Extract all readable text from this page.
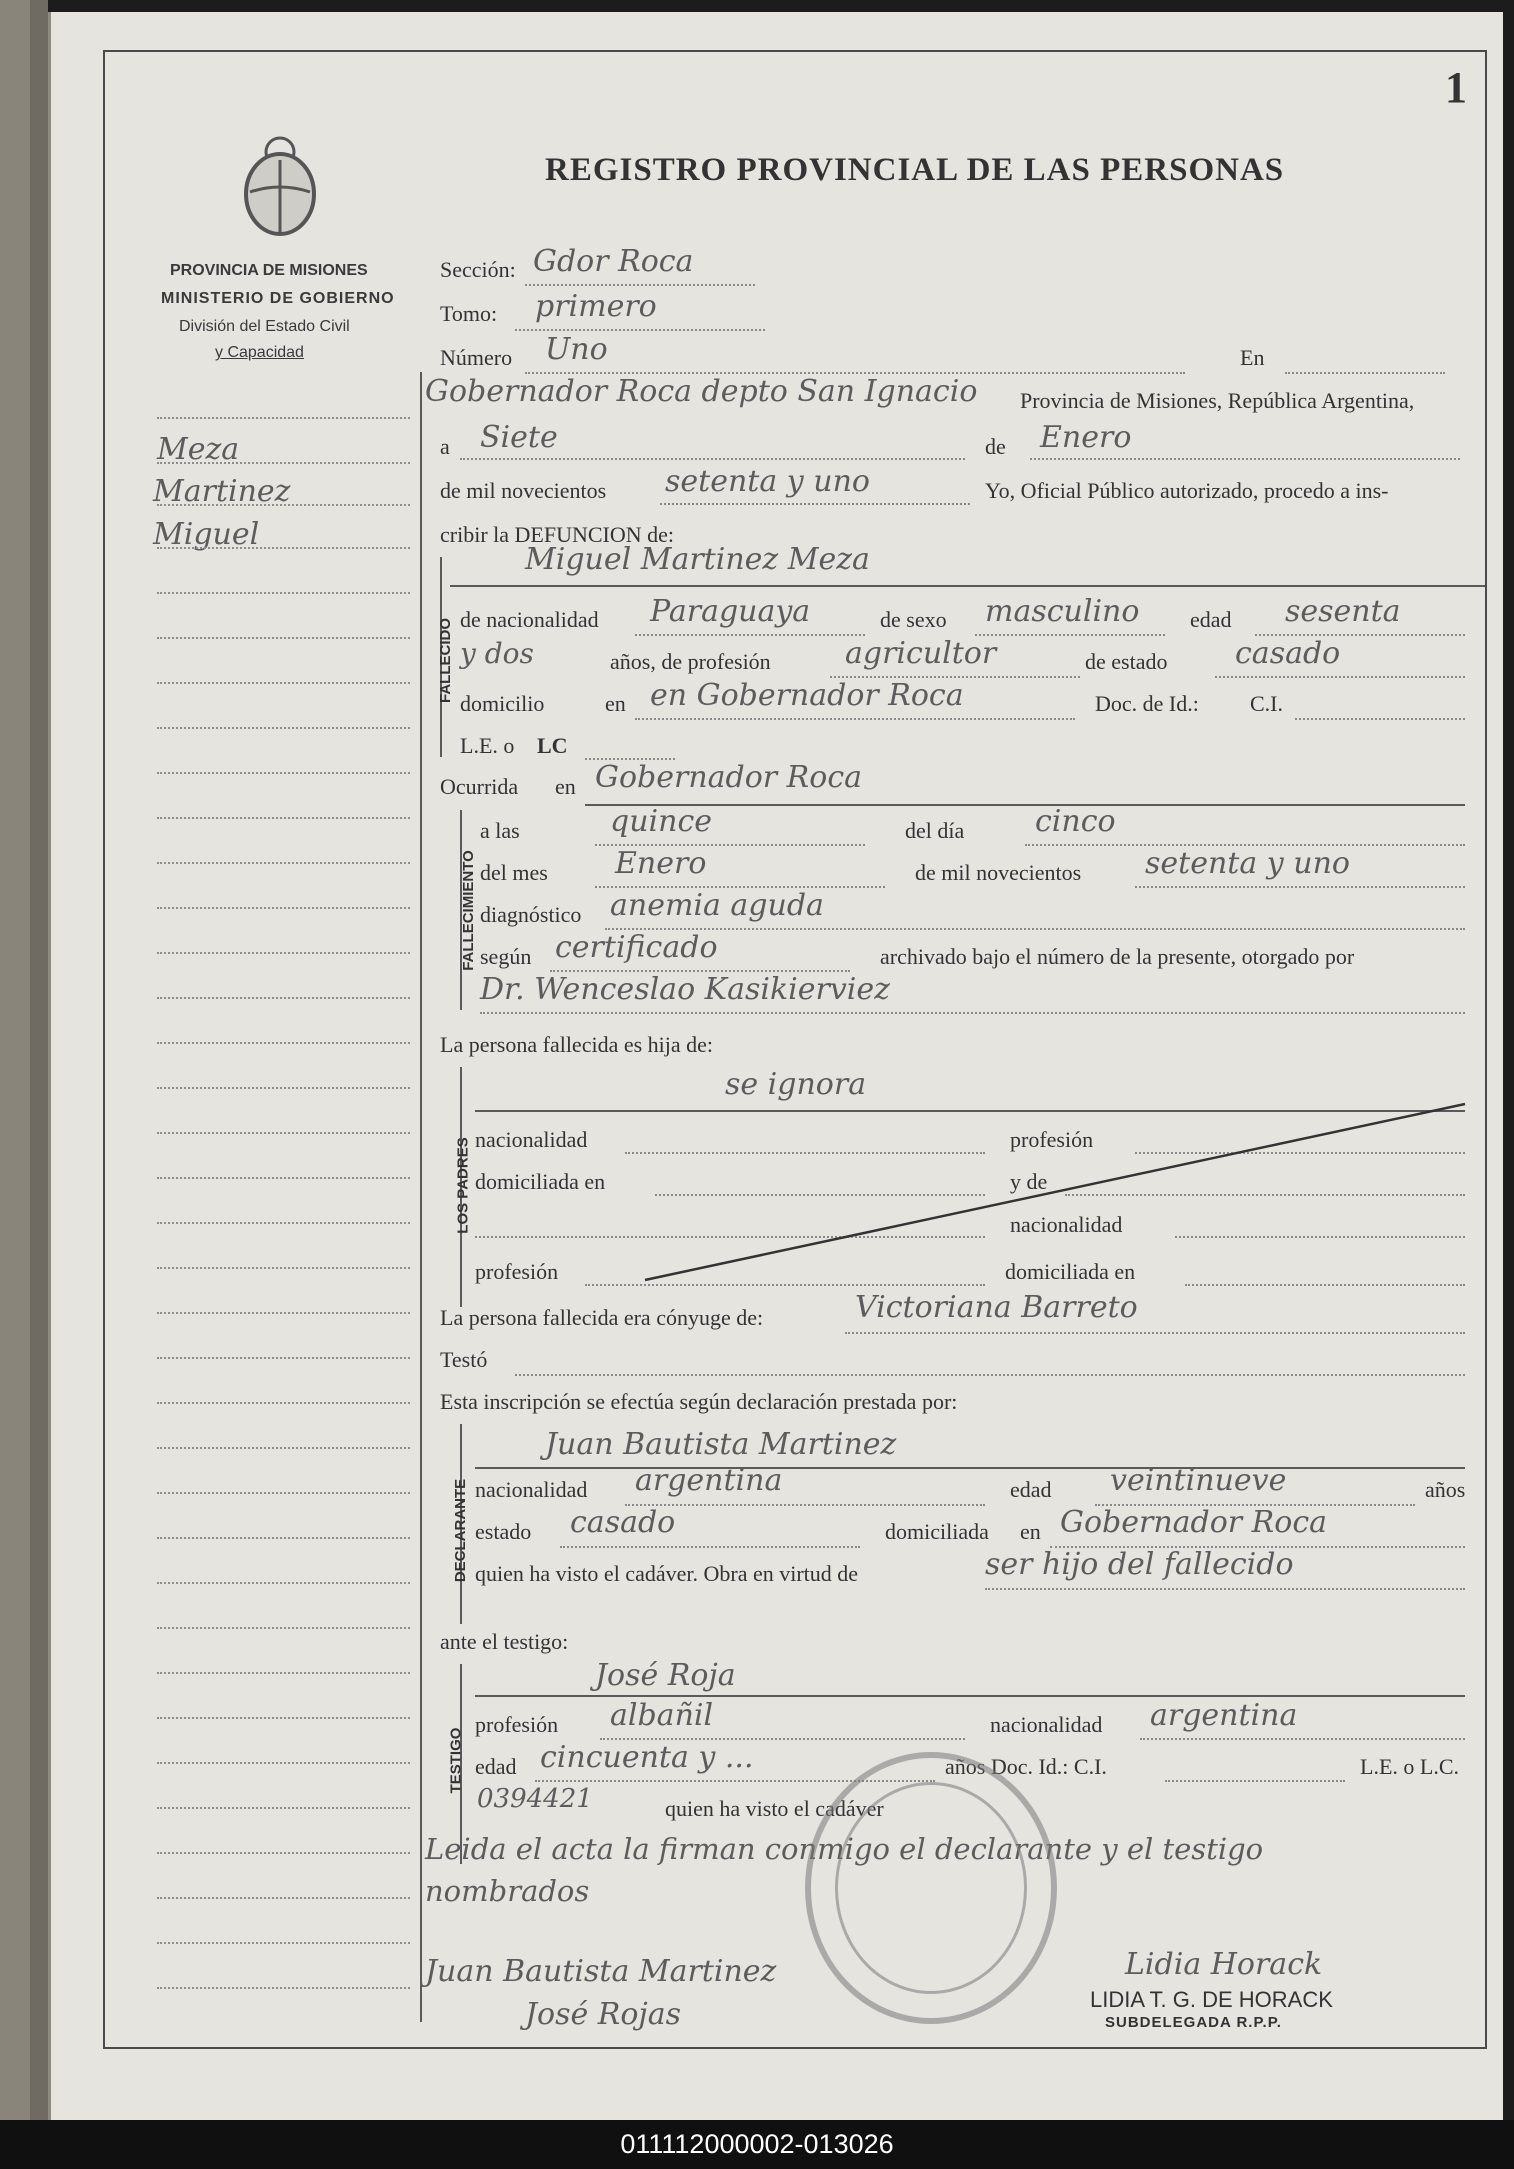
1
REGISTRO PROVINCIAL DE LAS PERSONAS
PROVINCIA DE MISIONES
MINISTERIO DE GOBIERNO
División del Estado Civil
y Capacidad
Meza
Martinez
Miguel
Sección: Gdor Roca
Tomo: primero
Número Uno	En
Gobernador Roca depto San Ignacio Provincia de Misiones, República Argentina,
a Siete	de Enero
de mil novecientos setenta y uno	Yo, Oficial Público autorizado, procedo a ins-
cribir la DEFUNCION de:
FALLECIDO
Miguel Martinez Meza
de nacionalidad Paraguaya	de sexo masculino edad sesenta
y dos	años, de profesión agricultor	de estado casado
domicilio	en en Gobernador Roca	Doc. de Id.: C.I.
L.E. o LC
Ocurrida en Gobernador Roca
FALLECIMIENTO
a las	quince	del día cinco
del mes Enero	de mil novecientos setenta y uno
diagnóstico anemia aguda
según certificado	archivado bajo el número de la presente, otorgado por
Dr. Wenceslao Kasikierviez
La persona fallecida es hija de:
LOS PADRES
se ignora
nacionalidad	profesión
domiciliada en	y de
nacionalidad
profesión	domiciliada en
La persona fallecida era cónyuge de:	Victoriana Barreto
Testó
Esta inscripción se efectúa según declaración prestada por:
DECLARANTE
Juan Bautista Martinez
nacionalidad argentina	edad veintinueve	años
estado casado	domiciliada en Gobernador Roca
quien ha visto el cadáver. Obra en virtud de	ser hijo del fallecido
ante el testigo:
TESTIGO
José Roja
profesión albañil	nacionalidad argentina
edad cincuenta y ...	años Doc. Id.: C.I.	L.E. o L.C.
0394421	quien ha visto el cadáver
Leida el acta la firman conmigo el declarante y el testigo
nombrados
Juan Bautista Martinez
José Rojas
Lidia Horack
LIDIA T. G. DE HORACK
SUBDELEGADA R.P.P.
011112000002-013026
